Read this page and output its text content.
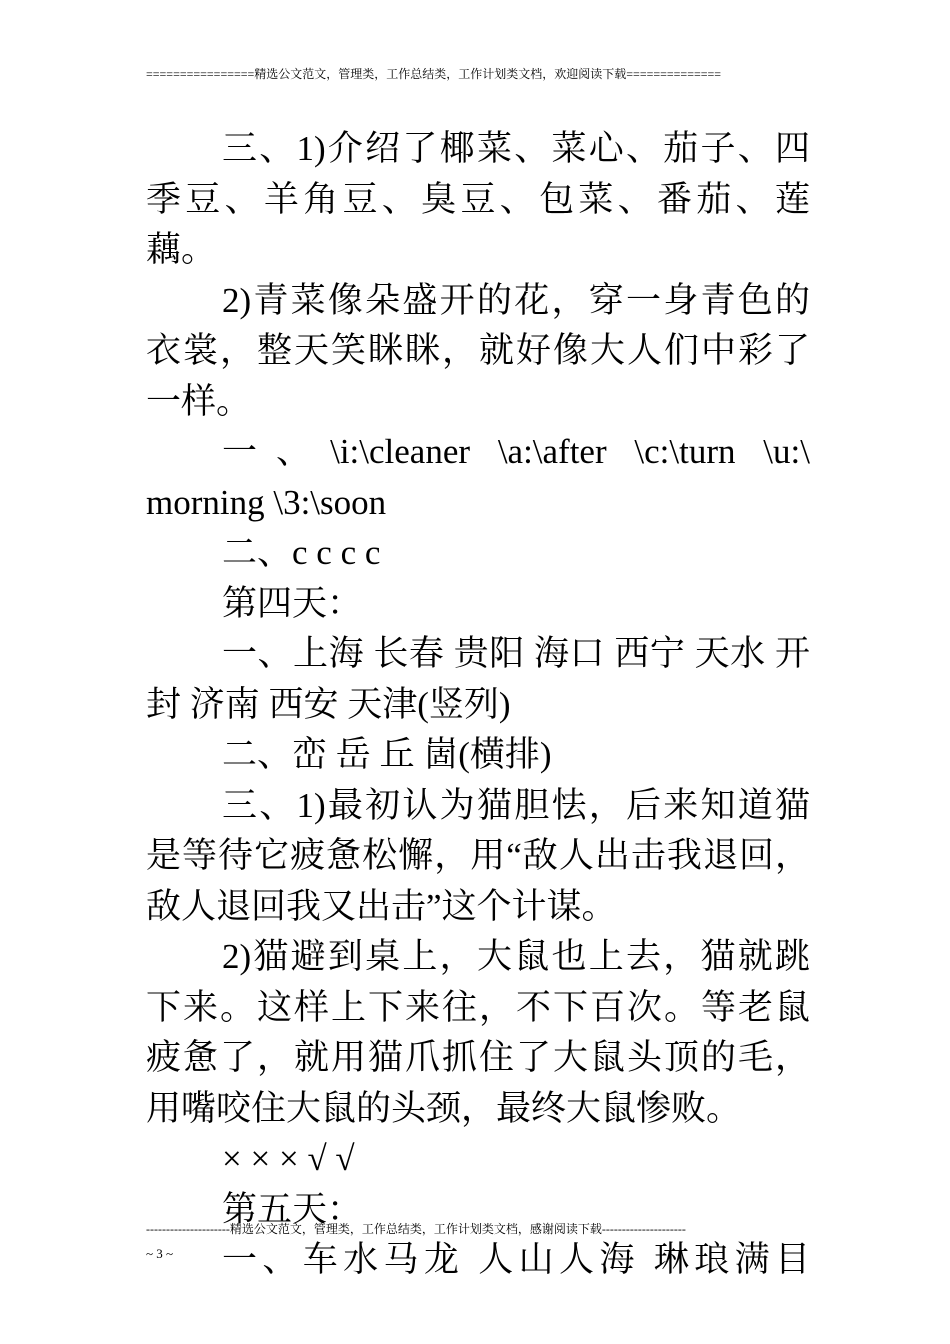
================精选公文范文，管理类，工作总结类，工作计划类文档，欢迎阅读下载==============

三、1)介绍了椰菜、菜心、茄子、四季豆、羊角豆、臭豆、包菜、番茄、莲藕。

2)青菜像朵盛开的花，穿一身青色的衣裳，整天笑眯眯，就好像大人们中彩了一样。

一、\i:\cleaner \a:\after \c:\turn \u:\ morning \3:\soon

二、c c c c

第四天：

一、上海 长春 贵阳 海口 西宁 天水 开封 济南 西安 天津(竖列)

二、峦 岳 丘 崮(横排)

三、1)最初认为猫胆怯，后来知道猫是等待它疲惫松懈，用“敌人出击我退回，敌人退回我又出击”这个计谋。

2)猫避到桌上，大鼠也上去，猫就跳下来。这样上下来往，不下百次。等老鼠疲惫了，就用猫爪抓住了大鼠头顶的毛，用嘴咬住大鼠的头颈，最终大鼠惨败。

× × × √ √

第五天：

一、车水马龙 人山人海 琳琅满目

---------------------精选公文范文，管理类，工作总结类，工作计划类文档，感谢阅读下载---------------------
~ 3 ~
